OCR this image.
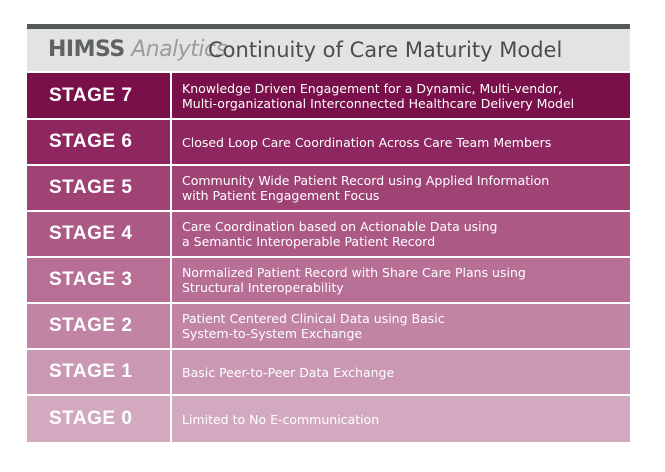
HIMSS Analytics
Continuity of Care Maturity Model
STAGE 7	Knowledge Driven Engagement for a Dynamic, Multi-vendor,
Multi-organizational Interconnected Healthcare Delivery Model
STAGE 6	Closed Loop Care Coordination Across Care Team Members
STAGE 5	Community Wide Patient Record using Applied Information
with Patient Engagement Focus
STAGE 4	Care Coordination based on Actionable Data using
a Semantic Interoperable Patient Record
STAGE 3	Normalized Patient Record with Share Care Plans using
Structural Interoperability
STAGE 2	Patient Centered Clinical Data using Basic
System-to-System Exchange
STAGE 1	Basic Peer-to-Peer Data Exchange
STAGE 0	Limited to No E-communication
